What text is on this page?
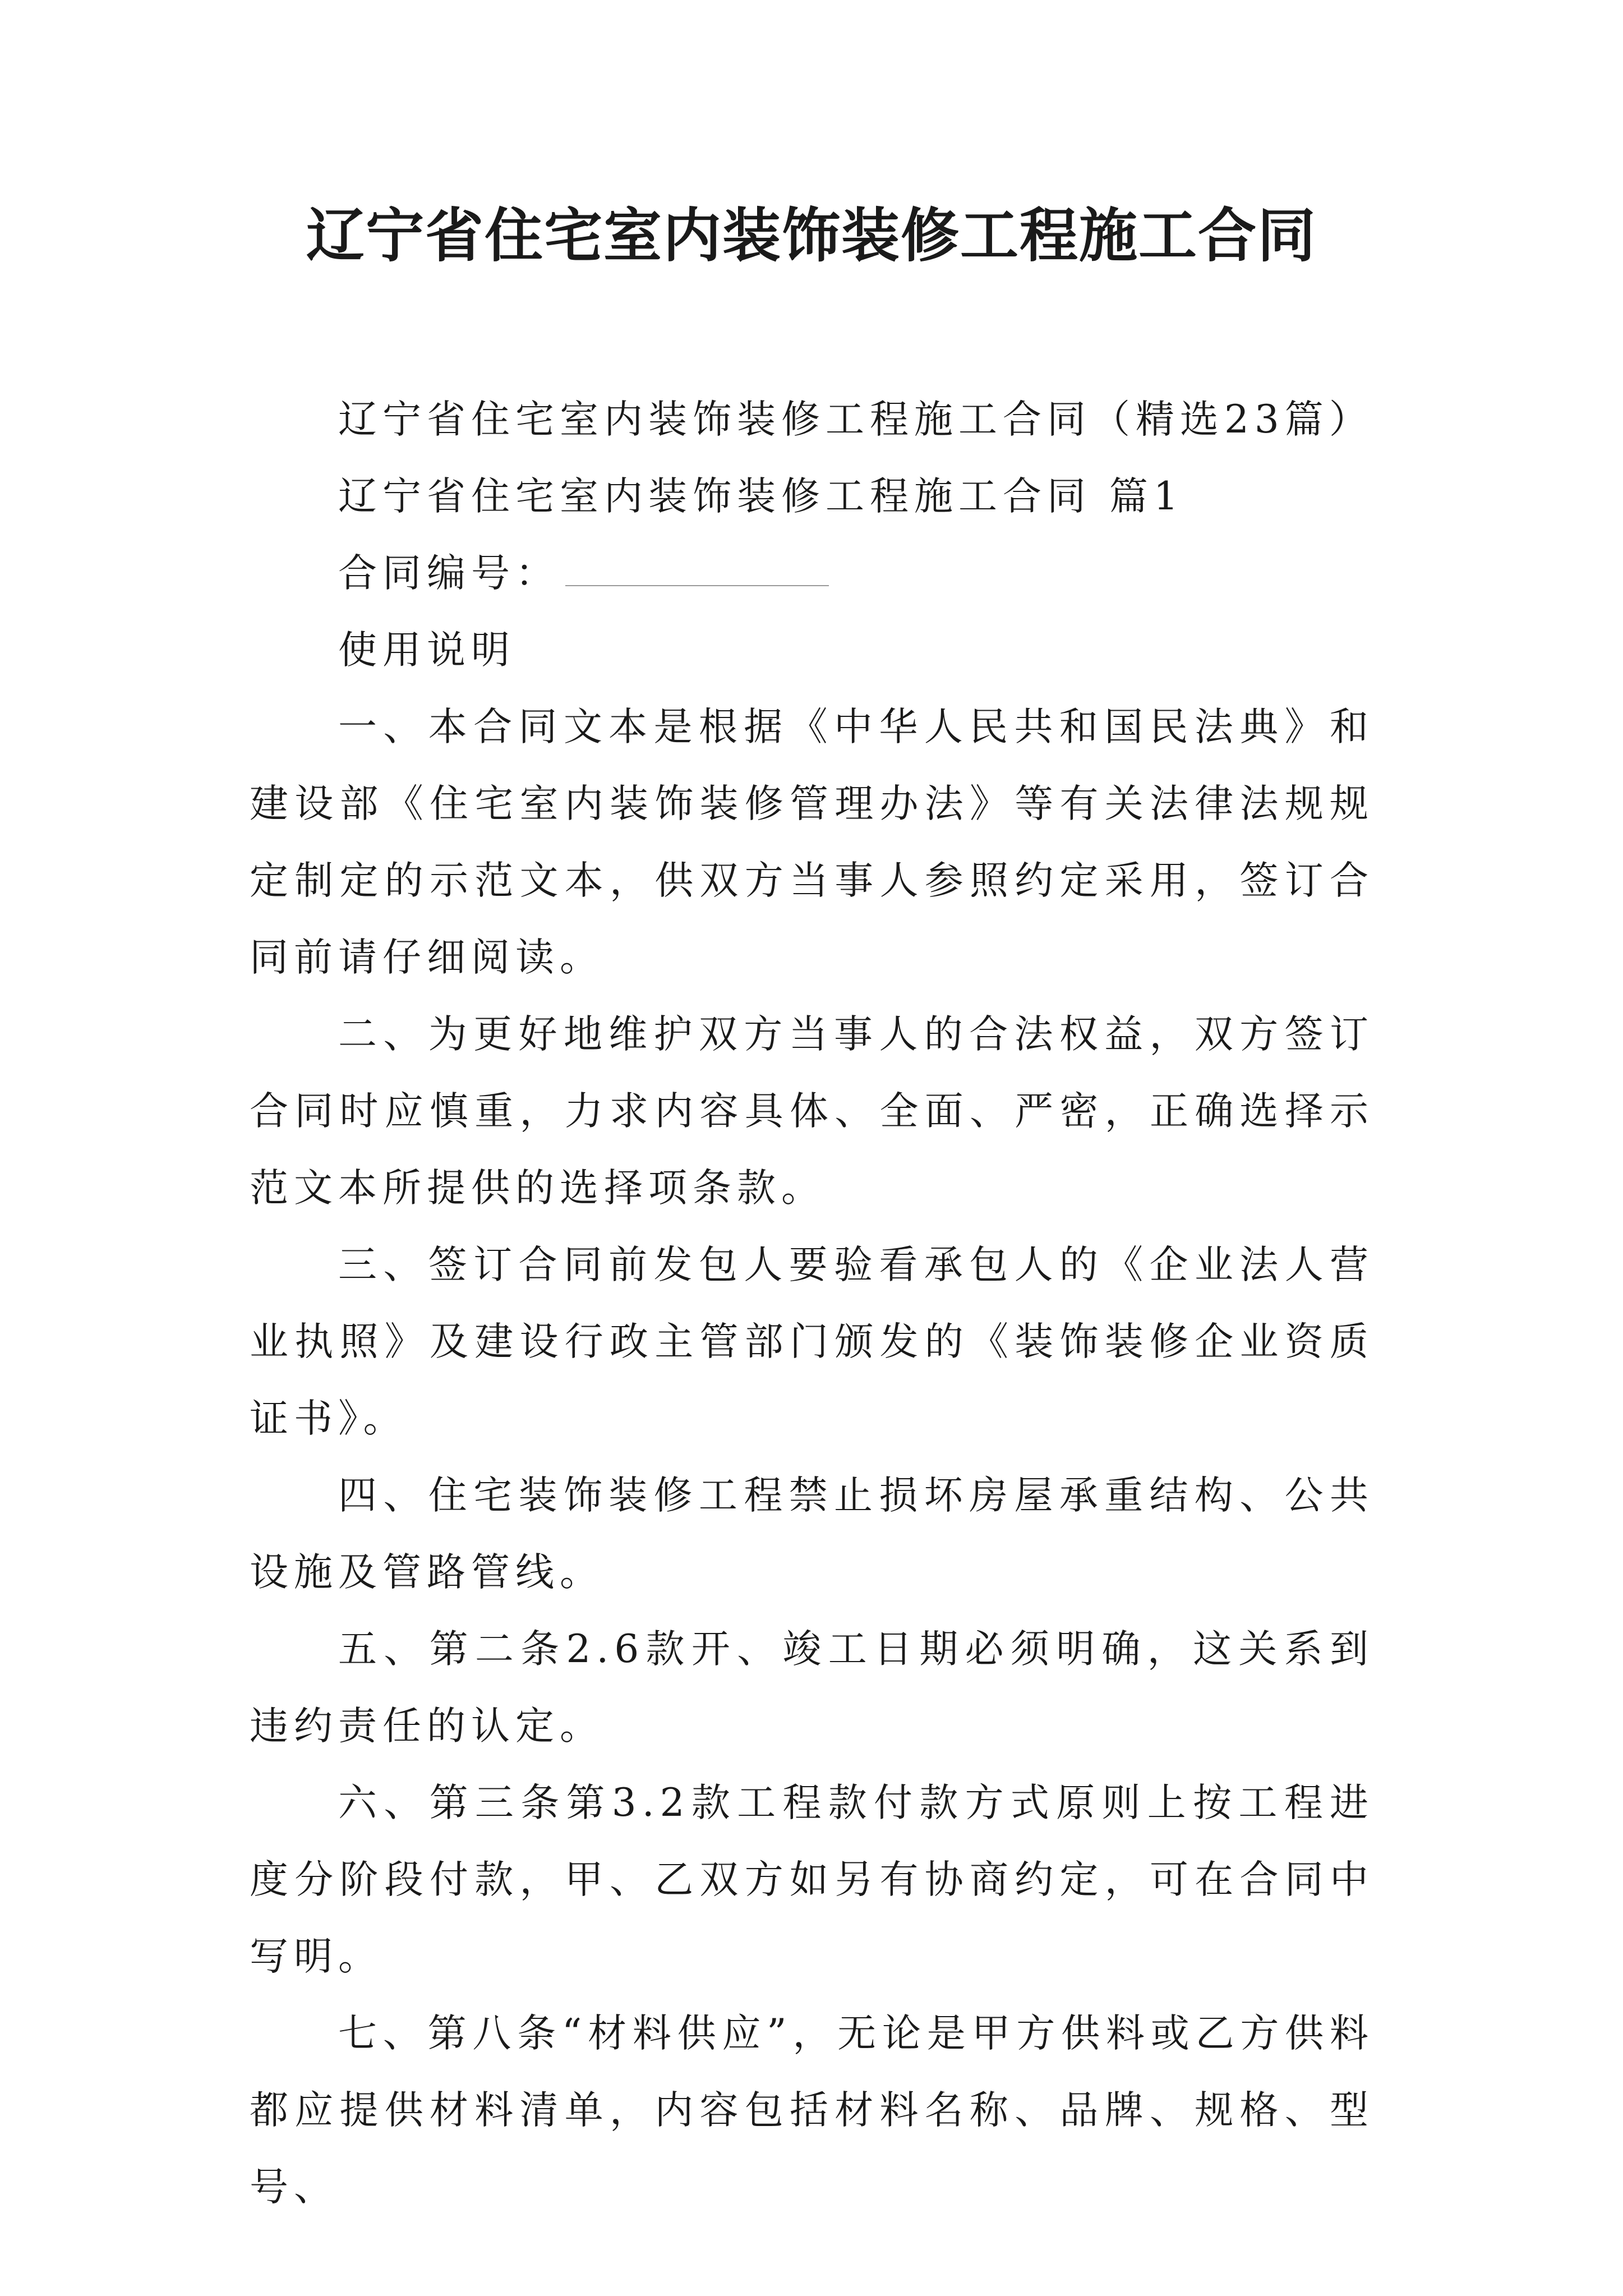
辽宁省住宅室内装饰装修工程施工合同

辽宁省住宅室内装饰装修工程施工合同（精选23篇）

辽宁省住宅室内装饰装修工程施工合同 篇1

合同编号：

使用说明

一、本合同文本是根据《中华人民共和国民法典》和建设部《住宅室内装饰装修管理办法》等有关法律法规规定制定的示范文本，供双方当事人参照约定采用，签订合同前请仔细阅读。

二、为更好地维护双方当事人的合法权益，双方签订合同时应慎重，力求内容具体、全面、严密，正确选择示范文本所提供的选择项条款。

三、签订合同前发包人要验看承包人的《企业法人营业执照》及建设行政主管部门颁发的《装饰装修企业资质证书》。

四、住宅装饰装修工程禁止损坏房屋承重结构、公共设施及管路管线。

五、第二条2.6款开、竣工日期必须明确，这关系到违约责任的认定。

六、第三条第3.2款工程款付款方式原则上按工程进度分阶段付款，甲、乙双方如另有协商约定，可在合同中写明。

七、第八条“材料供应”，无论是甲方供料或乙方供料都应提供材料清单，内容包括材料名称、品牌、规格、型号、
